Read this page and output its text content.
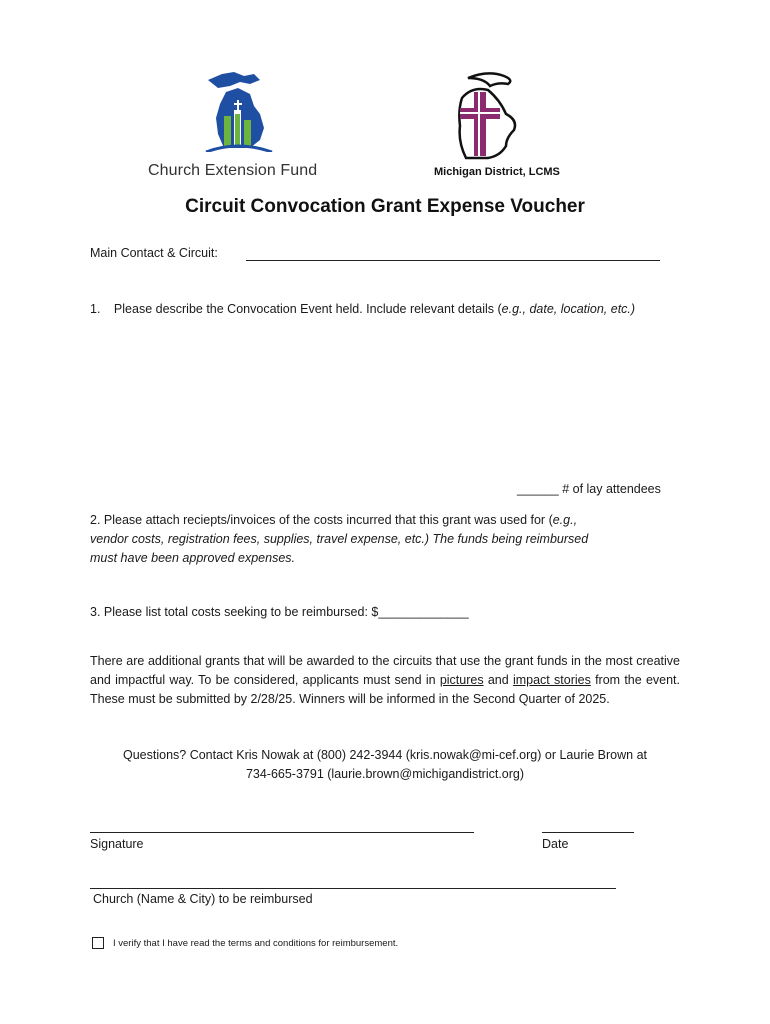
Church Extension Fund	Michigan District, LCMS
Circuit Convocation Grant Expense Voucher
Main Contact & Circuit:
1. Please describe the Convocation Event held. Include relevant details (e.g., date, location, etc.)
______ # of lay attendees
2. Please attach reciepts/invoices of the costs incurred that this grant was used for (e.g.,
vendor costs, registration fees, supplies, travel expense, etc.) The funds being reimbursed
must have been approved expenses.
3. Please list total costs seeking to be reimbursed: $_____________
There are additional grants that will be awarded to the circuits that use the grant funds in the most creative and impactful way. To be considered, applicants must send in pictures and impact stories from the event. These must be submitted by 2/28/25. Winners will be informed in the Second Quarter of 2025.
Questions? Contact Kris Nowak at (800) 242-3944 (kris.nowak@mi-cef.org) or Laurie Brown at
734-665-3791 (laurie.brown@michigandistrict.org)
Signature	Date
Church (Name & City) to be reimbursed
I verify that I have read the terms and conditions for reimbursement.
